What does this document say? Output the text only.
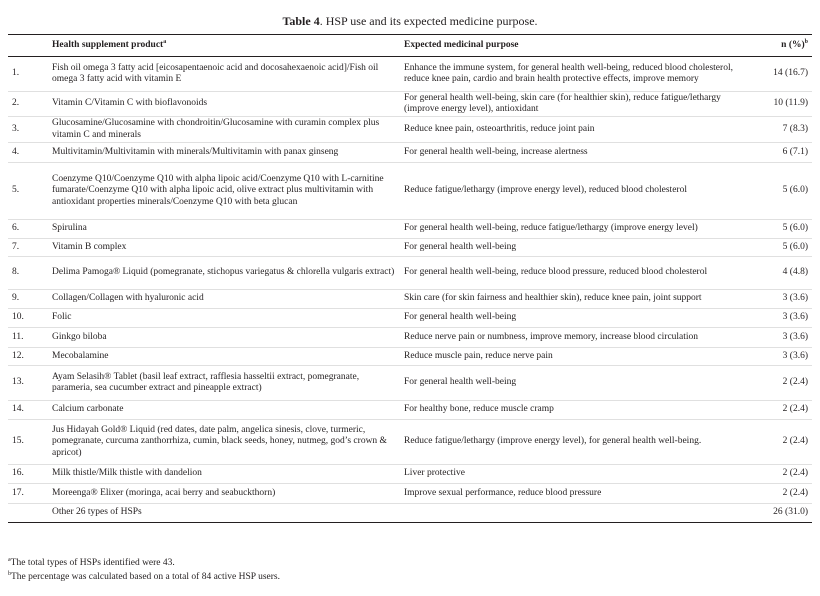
Table 4. HSP use and its expected medicine purpose.
	Health supplement product$^a$	Expected medicinal purpose	n (%)$^b$
1.	Fish oil omega 3 fatty acid [eicosapentaenoic acid and docosahexaenoic acid]/Fish oil omega 3 fatty acid with vitamin E	Enhance the immune system, for general health well-being, reduced blood cholesterol, reduce knee pain, cardio and brain health protective effects, improve memory	14 (16.7)
2.	Vitamin C/Vitamin C with bioflavonoids	For general health well-being, skin care (for healthier skin), reduce fatigue/lethargy (improve energy level), antioxidant	10 (11.9)
3.	Glucosamine/Glucosamine with chondroitin/Glucosamine with curamin complex plus vitamin C and minerals	Reduce knee pain, osteoarthritis, reduce joint pain	7 (8.3)
4.	Multivitamin/Multivitamin with minerals/Multivitamin with panax ginseng	For general health well-being, increase alertness	6 (7.1)
5.	Coenzyme Q10/Coenzyme Q10 with alpha lipoic acid/Coenzyme Q10 with L-carnitine fumarate/Coenzyme Q10 with alpha lipoic acid, olive extract plus multivitamin with antioxidant properties minerals/Coenzyme Q10 with beta glucan	Reduce fatigue/lethargy (improve energy level), reduced blood cholesterol	5 (6.0)
6.	Spirulina	For general health well-being, reduce fatigue/lethargy (improve energy level)	5 (6.0)
7.	Vitamin B complex	For general health well-being	5 (6.0)
8.	Delima Pamoga® Liquid (pomegranate, stichopus variegatus & chlorella vulgaris extract)	For general health well-being, reduce blood pressure, reduced blood cholesterol	4 (4.8)
9.	Collagen/Collagen with hyaluronic acid	Skin care (for skin fairness and healthier skin), reduce knee pain, joint support	3 (3.6)
10.	Folic	For general health well-being	3 (3.6)
11.	Ginkgo biloba	Reduce nerve pain or numbness, improve memory, increase blood circulation	3 (3.6)
12.	Mecobalamine	Reduce muscle pain, reduce nerve pain	3 (3.6)
13.	Ayam Selasih® Tablet (basil leaf extract, rafflesia hasseltii extract, pomegranate, parameria, sea cucumber extract and pineapple extract)	For general health well-being	2 (2.4)
14.	Calcium carbonate	For healthy bone, reduce muscle cramp	2 (2.4)
15.	Jus Hidayah Gold® Liquid (red dates, date palm, angelica sinesis, clove, turmeric, pomegranate, curcuma zanthorrhiza, cumin, black seeds, honey, nutmeg, god’s crown & apricot)	Reduce fatigue/lethargy (improve energy level), for general health well-being.	2 (2.4)
16.	Milk thistle/Milk thistle with dandelion	Liver protective	2 (2.4)
17.	Moreenga® Elixer (moringa, acai berry and seabuckthorn)	Improve sexual performance, reduce blood pressure	2 (2.4)
	Other 26 types of HSPs		26 (31.0)
$^a$The total types of HSPs identified were 43.
$^b$The percentage was calculated based on a total of 84 active HSP users.
